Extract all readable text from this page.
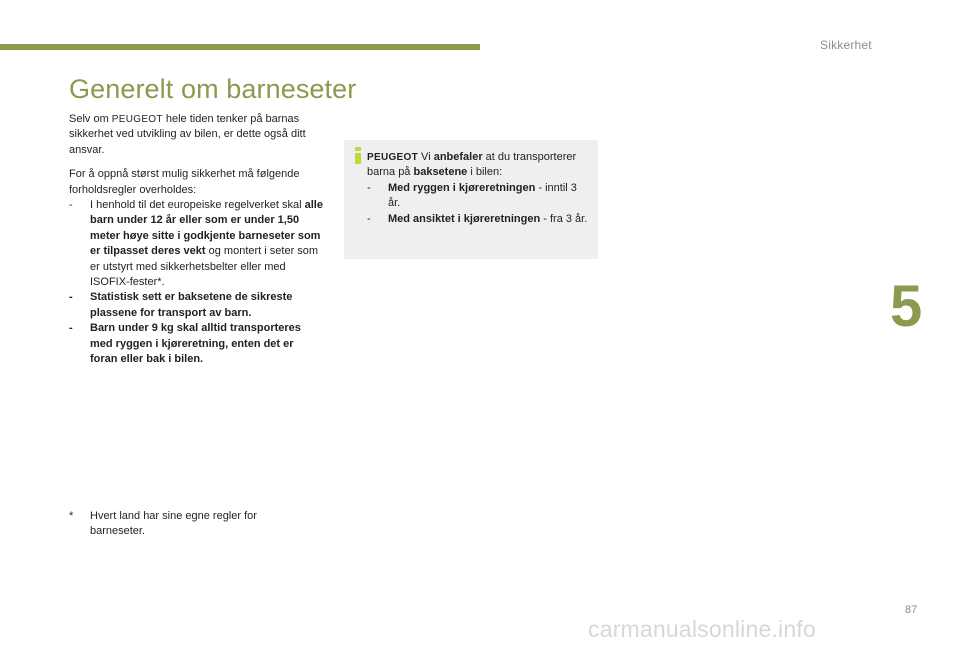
Sikkerhet
5
Generelt om barneseter

Selv om PEUGEOT hele tiden tenker på barnas sikkerhet ved utvikling av bilen, er dette også ditt ansvar.

For å oppnå størst mulig sikkerhet må følgende forholdsregler overholdes:

- I henhold til det europeiske regelverket skal alle barn under 12 år eller som er under 1,50 meter høye sitte i godkjente barneseter som er tilpasset deres vekt og montert i seter som er utstyrt med sikkerhetsbelter eller med ISOFIX-fester*.
- Statistisk sett er baksetene de sikreste plassene for transport av barn.
- Barn under 9 kg skal alltid transporteres med ryggen i kjøreretning, enten det er foran eller bak i bilen.
*	Hvert land har sine egne regler for barneseter.

PEUGEOT Vi anbefaler at du transporterer barna på baksetene i bilen:

- Med ryggen i kjøreretningen - inntil 3 år.
- Med ansiktet i kjøreretningen - fra 3 år.
87
carmanualsonline.info
